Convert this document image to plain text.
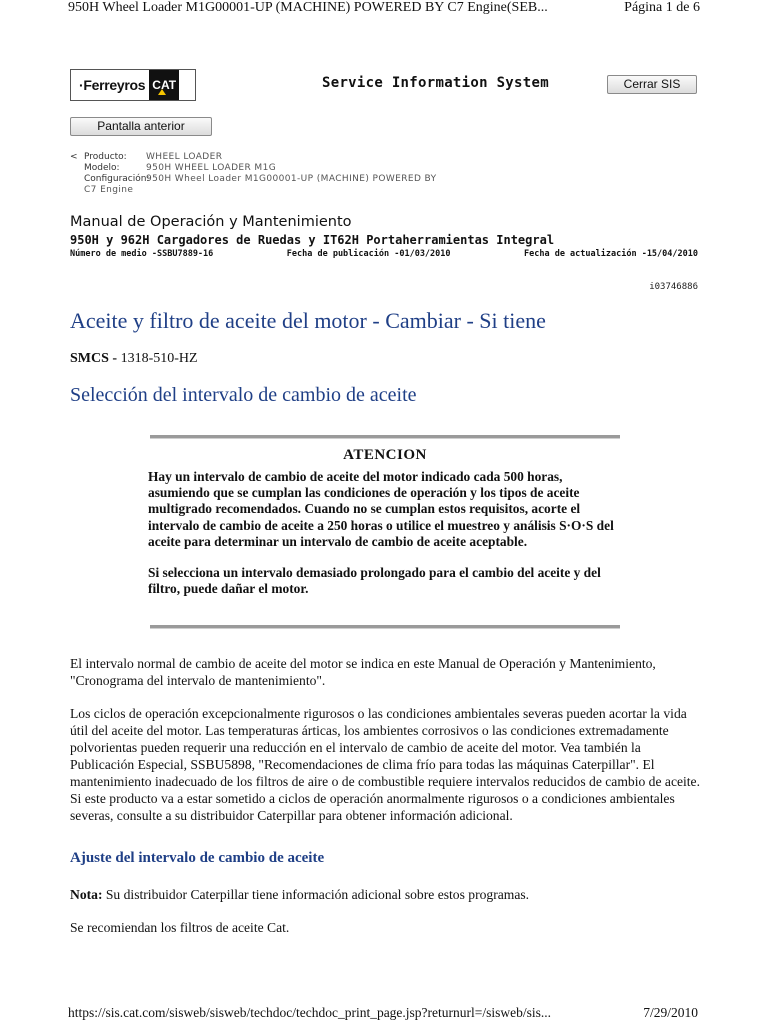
950H Wheel Loader M1G00001-UP (MACHINE) POWERED BY C7 Engine(SEB...	Página 1 de 6
·Ferreyros CAT	Service Information System	Cerrar SIS
Pantalla anterior
< Producto:	WHEEL LOADER
Modelo:	950H WHEEL LOADER M1G
Configuración:
950H Wheel Loader M1G00001-UP (MACHINE) POWERED BY
C7 Engine
Manual de Operación y Mantenimiento
950H y 962H Cargadores de Ruedas y IT62H Portaherramientas Integral
Número de medio -SSBU7889-16	Fecha de publicación -01/03/2010	Fecha de actualización -15/04/2010
i03746886
Aceite y filtro de aceite del motor - Cambiar - Si tiene
SMCS - 1318-510-HZ
Selección del intervalo de cambio de aceite
ATENCION

Hay un intervalo de cambio de aceite del motor indicado cada 500 horas, asumiendo que se cumplan las condiciones de operación y los tipos de aceite multigrado recomendados. Cuando no se cumplan estos requisitos, acorte el intervalo de cambio de aceite a 250 horas o utilice el muestreo y análisis S·O·S del aceite para determinar un intervalo de cambio de aceite aceptable.

Si selecciona un intervalo demasiado prolongado para el cambio del aceite y del filtro, puede dañar el motor.

El intervalo normal de cambio de aceite del motor se indica en este Manual de Operación y Mantenimiento, "Cronograma del intervalo de mantenimiento".
Los ciclos de operación excepcionalmente rigurosos o las condiciones ambientales severas pueden acortar la vida útil del aceite del motor. Las temperaturas árticas, los ambientes corrosivos o las condiciones extremadamente polvorientas pueden requerir una reducción en el intervalo de cambio de aceite del motor. Vea también la Publicación Especial, SSBU5898, "Recomendaciones de clima frío para todas las máquinas Caterpillar". El mantenimiento inadecuado de los filtros de aire o de combustible requiere intervalos reducidos de cambio de aceite. Si este producto va a estar sometido a ciclos de operación anormalmente rigurosos o a condiciones ambientales severas, consulte a su distribuidor Caterpillar para obtener información adicional.
Ajuste del intervalo de cambio de aceite
Nota: Su distribuidor Caterpillar tiene información adicional sobre estos programas.
Se recomiendan los filtros de aceite Cat.
https://sis.cat.com/sisweb/sisweb/techdoc/techdoc_print_page.jsp?returnurl=/sisweb/sis...	7/29/2010
